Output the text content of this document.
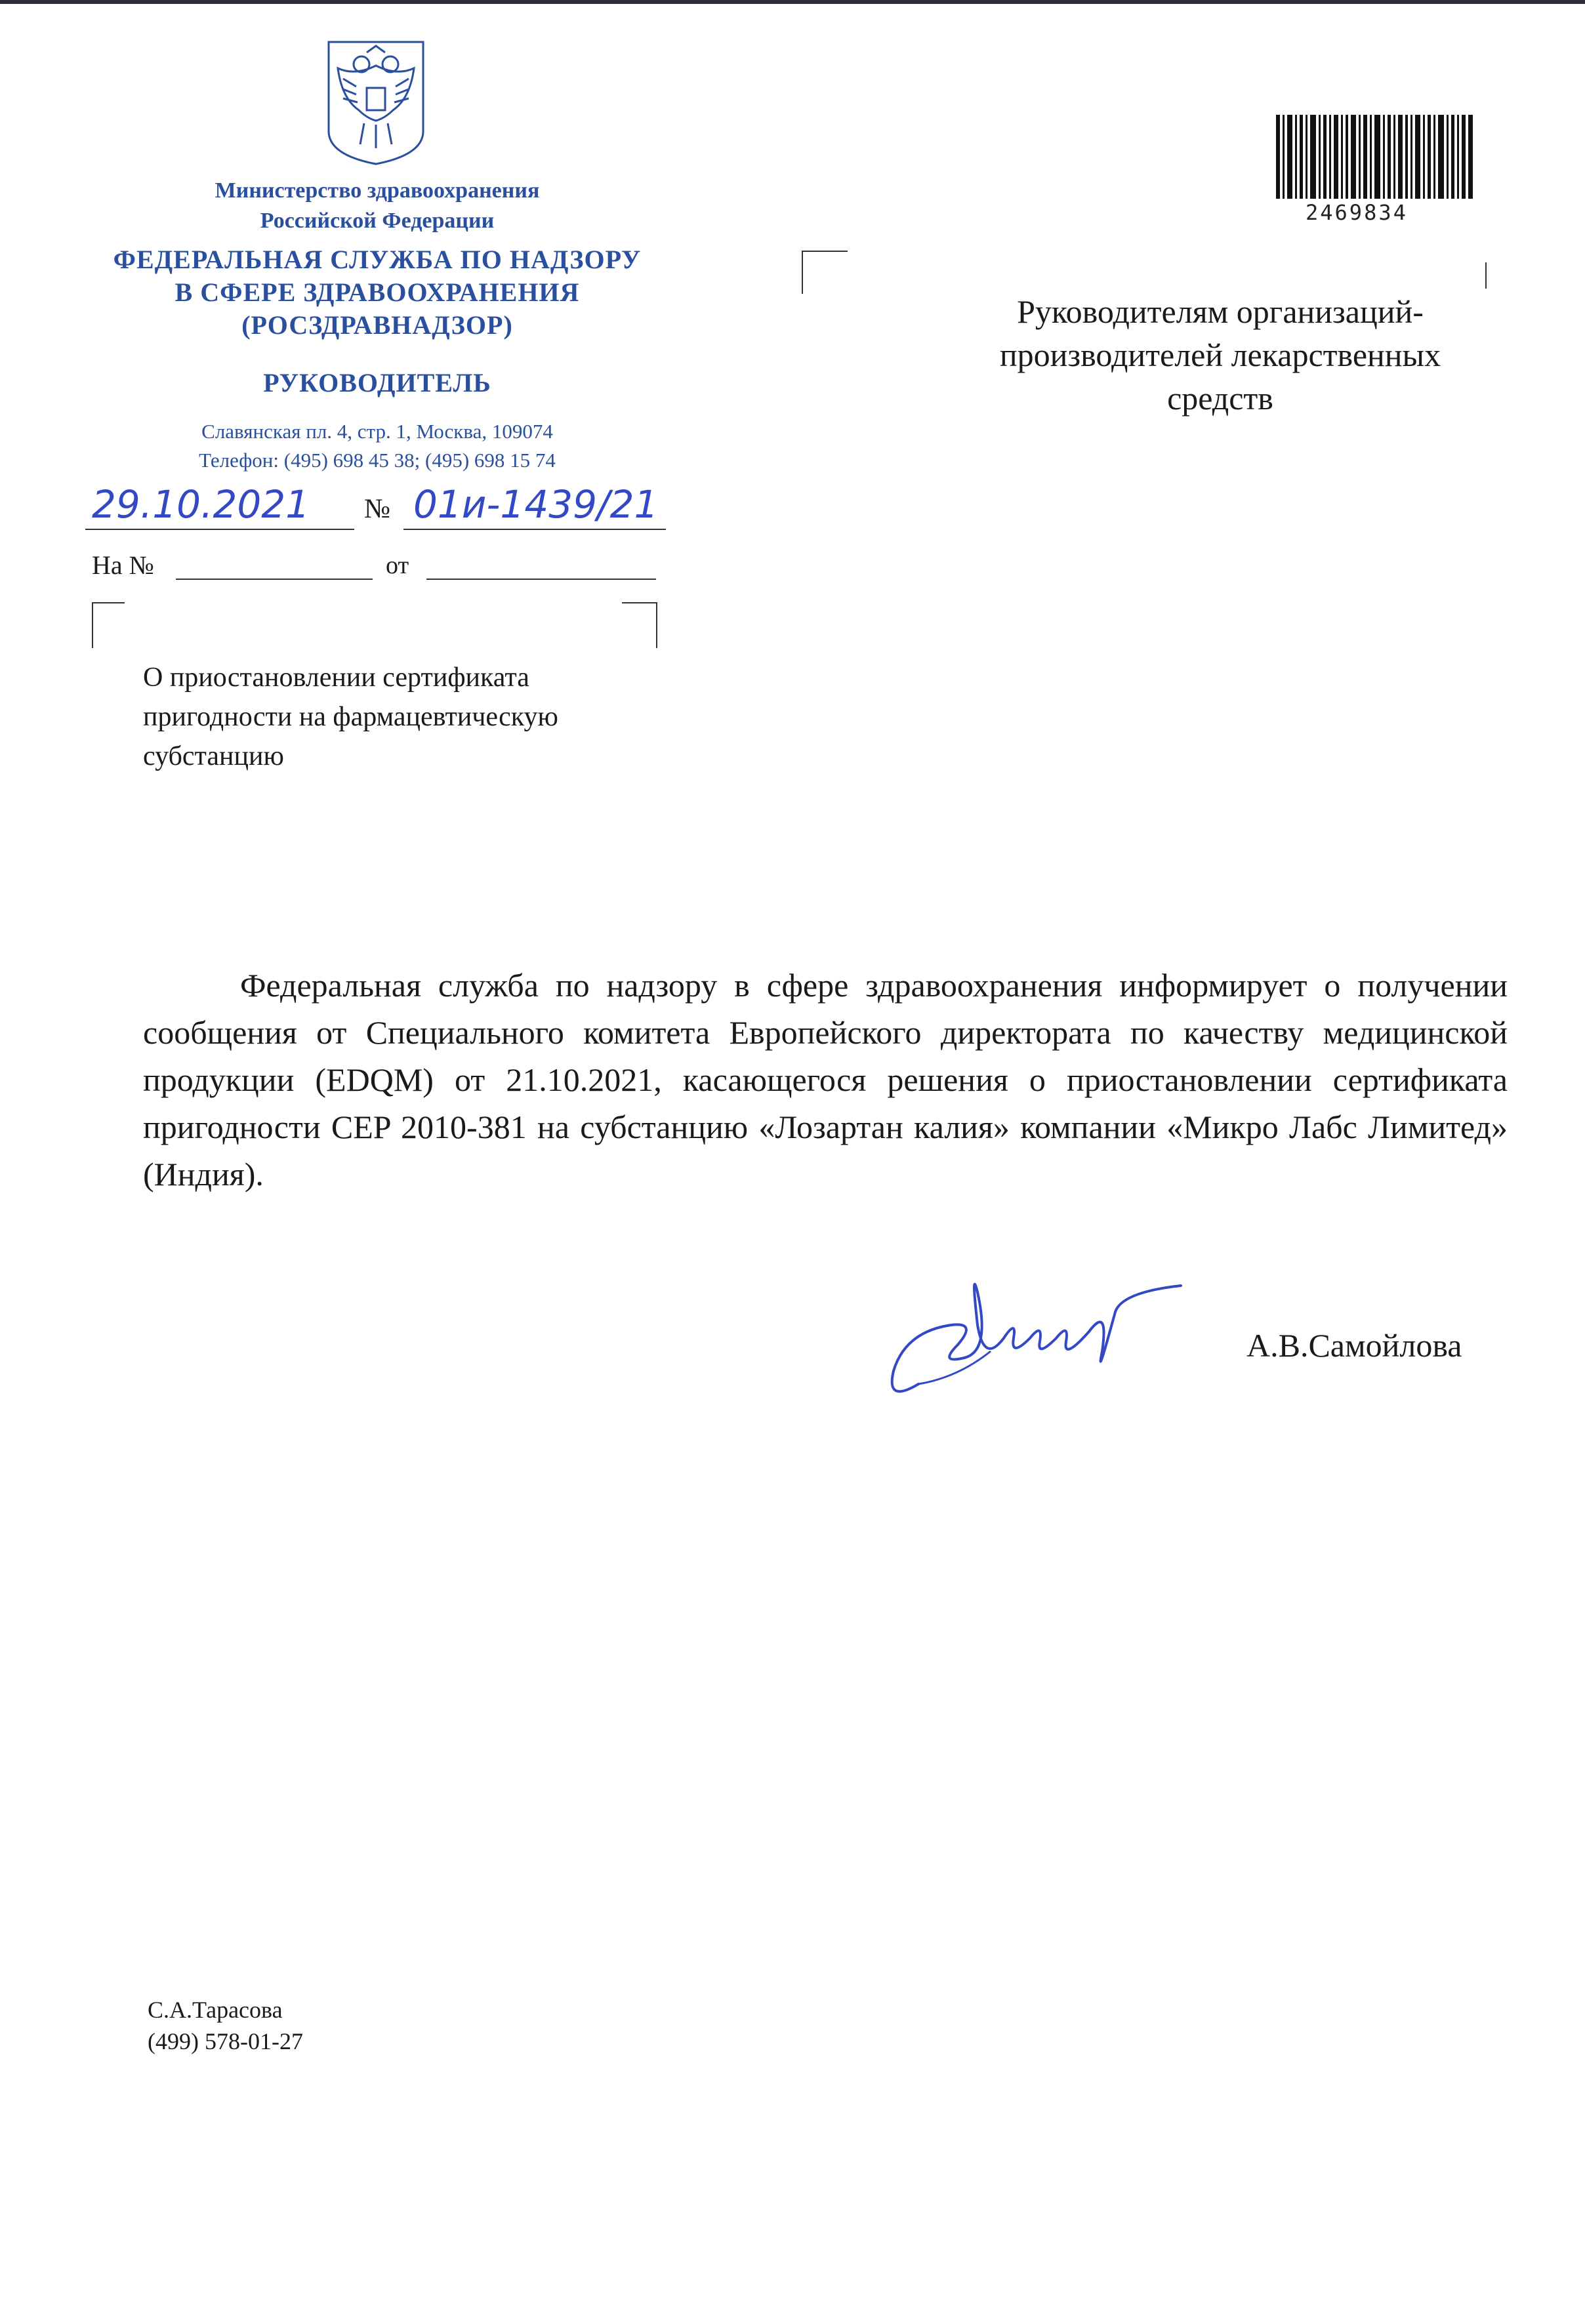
Министерство здравоохранения
Российской Федерации
ФЕДЕРАЛЬНАЯ СЛУЖБА ПО НАДЗОРУ
В СФЕРЕ ЗДРАВООХРАНЕНИЯ
(РОСЗДРАВНАДЗОР)
РУКОВОДИТЕЛЬ
Славянская пл. 4, стр. 1, Москва, 109074
Телефон: (495) 698 45 38; (495) 698 15 74
29.10.2021 № 01и-1439/21
На №	от
2469834
Руководителям организаций-
производителей лекарственных
средств
О приостановлении сертификата
пригодности на фармацевтическую
субстанцию

Федеральная служба по надзору в сфере здравоохранения информирует о получении сообщения от Специального комитета Европейского директората по качеству медицинской продукции (EDQM) от 21.10.2021, касающегося решения о приостановлении сертификата пригодности CEP 2010-381 на субстанцию «Лозартан калия» компании «Микро Лабс Лимитед» (Индия).

А.В.Самойлова
С.А.Тарасова
(499) 578-01-27
